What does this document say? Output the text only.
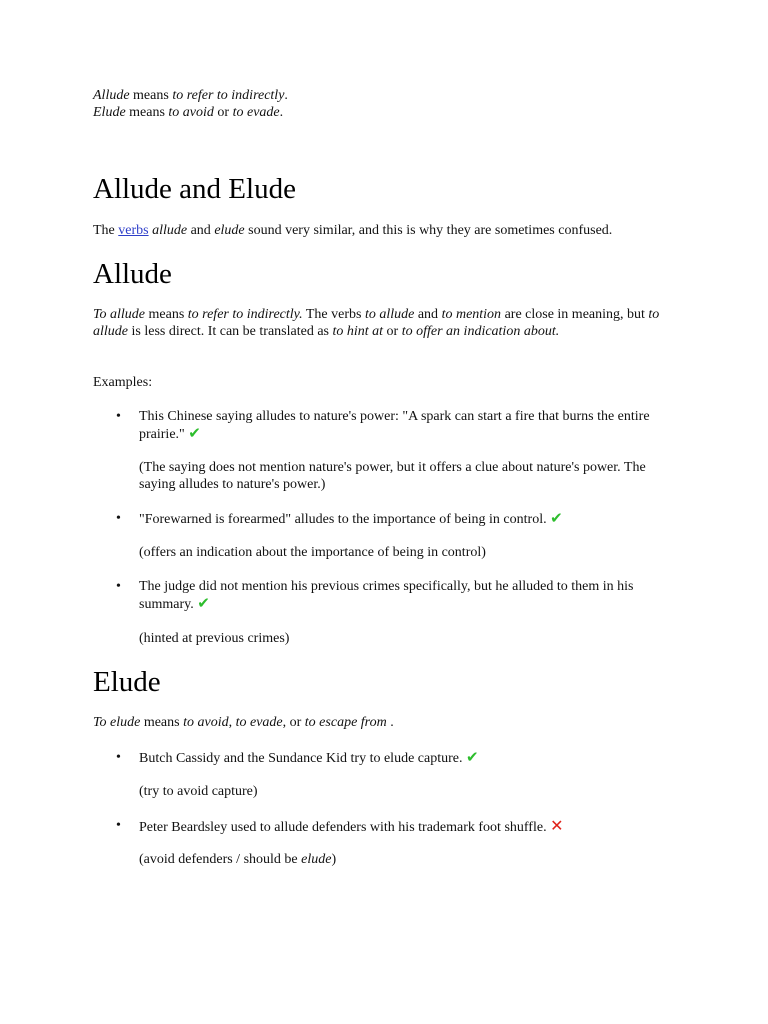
Allude means to refer to indirectly.
Elude means to avoid or to evade.

Allude and Elude

The verbs allude and elude sound very similar, and this is why they are sometimes confused.

Allude

To allude means to refer to indirectly. The verbs to allude and to mention are close in meaning, but to allude is less direct. It can be translated as to hint at or to offer an indication about.

Examples:

• This Chinese saying alludes to nature's power: "A spark can start a fire that burns the entire prairie." ✔

(The saying does not mention nature's power, but it offers a clue about nature's power. The saying alludes to nature's power.)

• "Forewarned is forearmed" alludes to the importance of being in control. ✔

(offers an indication about the importance of being in control)

• The judge did not mention his previous crimes specifically, but he alluded to them in his summary. ✔

(hinted at previous crimes)

Elude

To elude means to avoid, to evade, or to escape from .

• Butch Cassidy and the Sundance Kid try to elude capture. ✔

(try to avoid capture)

• Peter Beardsley used to allude defenders with his trademark foot shuffle. ✕

(avoid defenders / should be elude)
